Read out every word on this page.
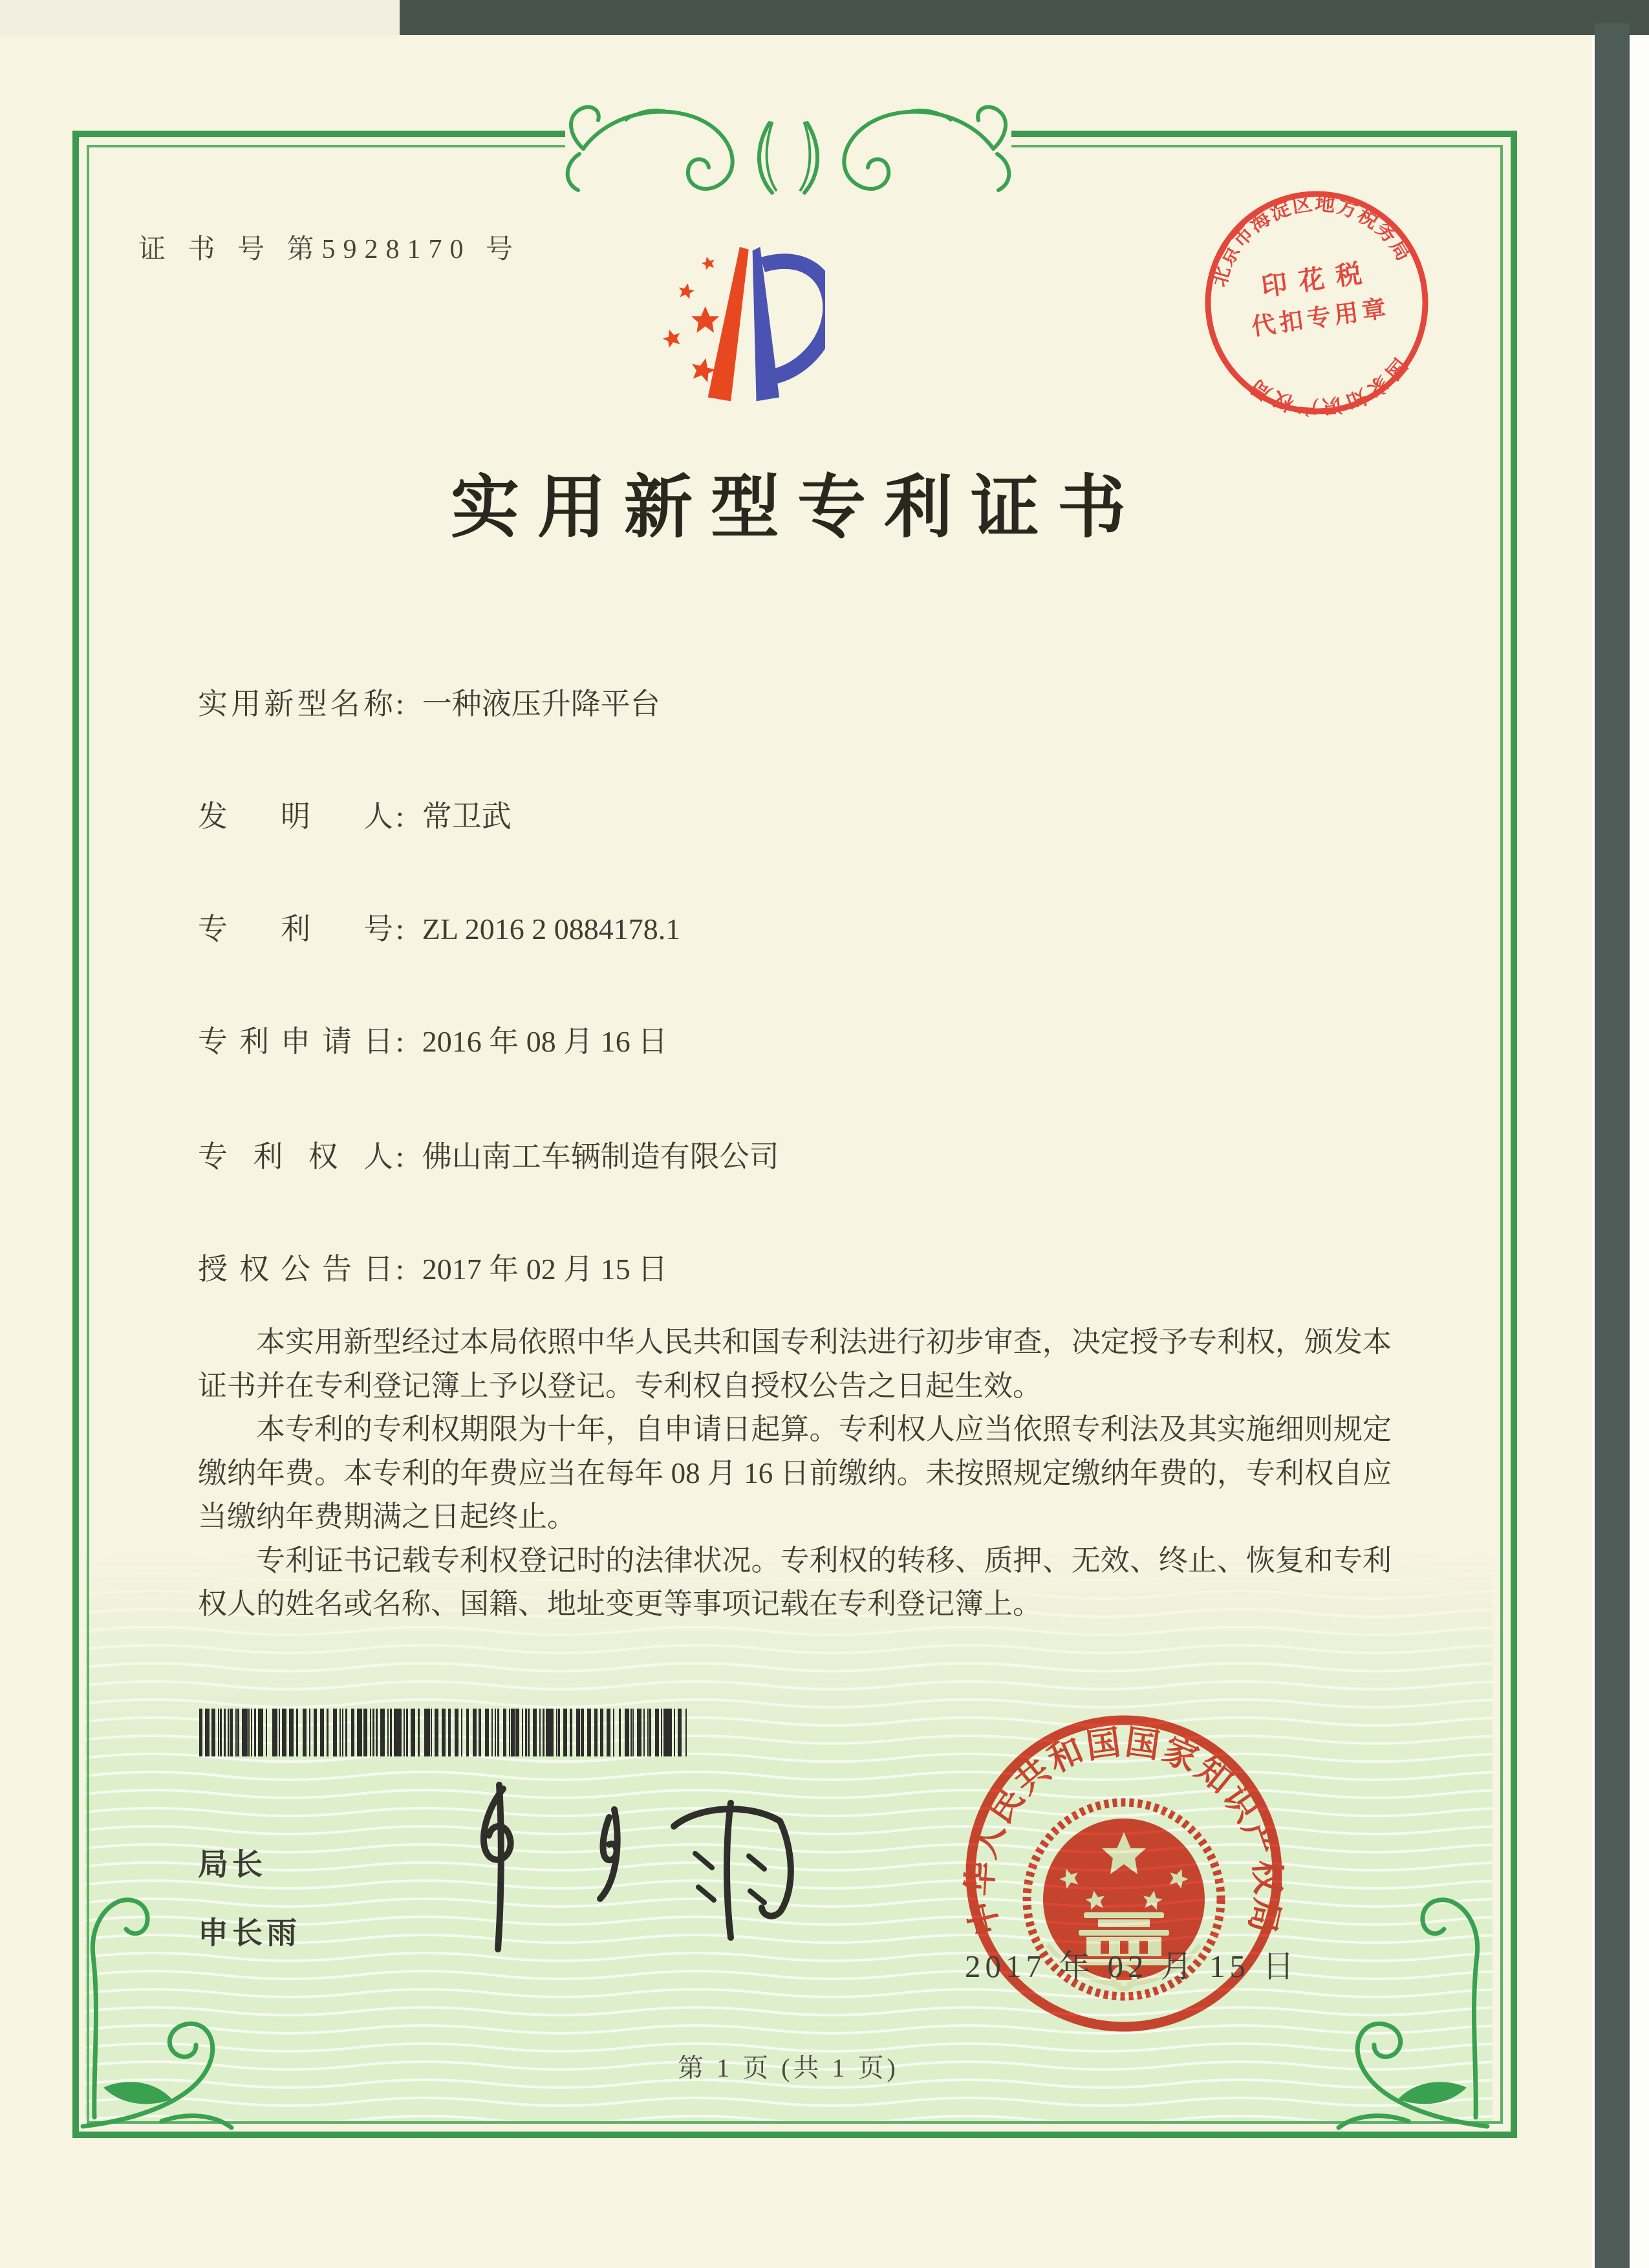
证 书 号 第5928170 号
北京市海淀区地方税务局
国家知识产权局
印花税
代扣专用章
实用新型专利证书
实用新型名称: 一种液压升降平台
发明人: 常卫武
专利号: ZL 2016 2 0884178.1
专利申请日: 2016 年 08 月 16 日
专利权人: 佛山南工车辆制造有限公司
授权公告日: 2017 年 02 月 15 日

本实用新型经过本局依照中华人民共和国专利法进行初步审查，决定授予专利权，颁发本证书并在专利登记簿上予以登记。专利权自授权公告之日起生效。

本专利的专利权期限为十年，自申请日起算。专利权人应当依照专利法及其实施细则规定缴纳年费。本专利的年费应当在每年 08 月 16 日前缴纳。未按照规定缴纳年费的，专利权自应当缴纳年费期满之日起终止。

专利证书记载专利权登记时的法律状况。专利权的转移、质押、无效、终止、恢复和专利权人的姓名或名称、国籍、地址变更等事项记载在专利登记簿上。

局长
申长雨	中华人民共和国国家知识产权局
2017 年 02 月 15 日
第 1 页 (共 1 页)
